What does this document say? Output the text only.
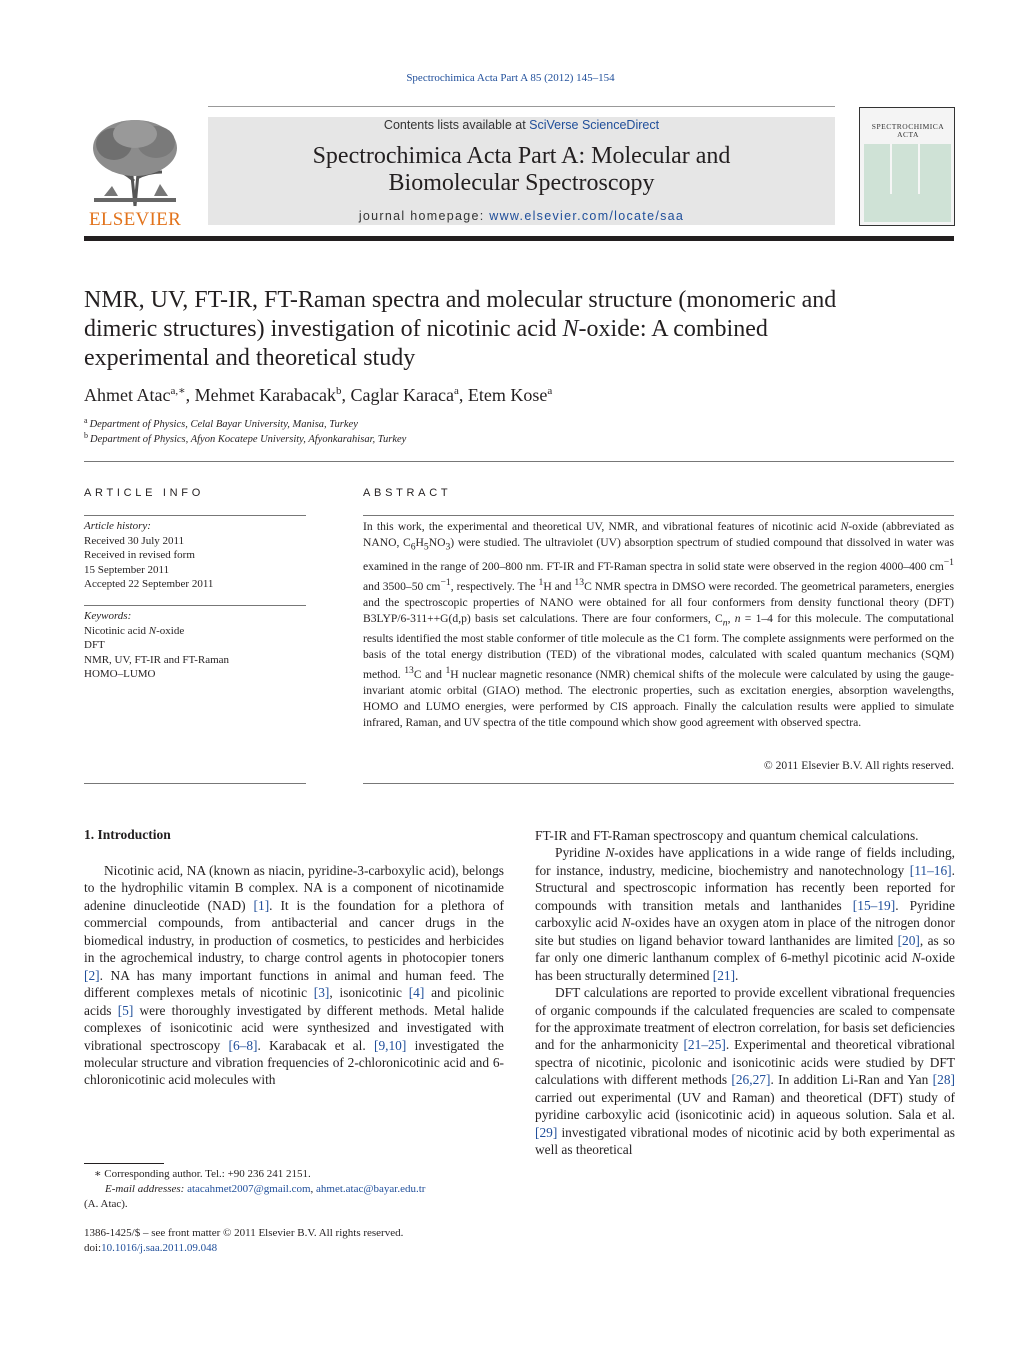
Spectrochimica Acta Part A 85 (2012) 145–154
ELSEVIER
Contents lists available at SciVerse ScienceDirect
Spectrochimica Acta Part A: Molecular and
Biomolecular Spectroscopy
journal homepage: www.elsevier.com/locate/saa
SPECTROCHIMICA
ACTA
NMR, UV, FT-IR, FT-Raman spectra and molecular structure (monomeric and
dimeric structures) investigation of nicotinic acid N-oxide: A combined
experimental and theoretical study
Ahmet Atac$^{a,∗}$, Mehmet Karabacak$^b$, Caglar Karaca$^a$, Etem Kose$^a$
$^a$ Department of Physics, Celal Bayar University, Manisa, Turkey
$^b$ Department of Physics, Afyon Kocatepe University, Afyonkarahisar, Turkey
ARTICLE INFO	ABSTRACT
Article history:
Received 30 July 2011
Received in revised form
15 September 2011
Accepted 22 September 2011
Keywords:
Nicotinic acid N-oxide
DFT
NMR, UV, FT-IR and FT-Raman
HOMO–LUMO

In this work, the experimental and theoretical UV, NMR, and vibrational features of nicotinic acid N-oxide (abbreviated as NANO, $C_6H_5NO_3$) were studied. The ultraviolet (UV) absorption spectrum of studied compound that dissolved in water was examined in the range of 200–800 nm. FT-IR and FT-Raman spectra in solid state were observed in the region 4000–400 $cm^{-1}$ and 3500–50 $cm^{-1}$, respectively. The $^1$H and $^{13}$C NMR spectra in DMSO were recorded. The geometrical parameters, energies and the spectroscopic properties of NANO were obtained for all four conformers from density functional theory (DFT) B3LYP/6-311++G(d,p) basis set calculations. There are four conformers, $C_n$, n = 1–4 for this molecule. The computational results identified the most stable conformer of title molecule as the C1 form. The complete assignments were performed on the basis of the total energy distribution (TED) of the vibrational modes, calculated with scaled quantum mechanics (SQM) method. $^{13}$C and $^1$H nuclear magnetic resonance (NMR) chemical shifts of the molecule were calculated by using the gauge-invariant atomic orbital (GIAO) method. The electronic properties, such as excitation energies, absorption wavelengths, HOMO and LUMO energies, were performed by CIS approach. Finally the calculation results were applied to simulate infrared, Raman, and UV spectra of the title compound which show good agreement with observed spectra.

© 2011 Elsevier B.V. All rights reserved.
1. Introduction

Nicotinic acid, NA (known as niacin, pyridine-3-carboxylic acid), belongs to the hydrophilic vitamin B complex. NA is a component of nicotinamide adenine dinucleotide (NAD) [1]. It is the foundation for a plethora of commercial compounds, from antibacterial and cancer drugs in the biomedical industry, in production of cosmetics, to pesticides and herbicides in the agrochemical industry, to charge control agents in photocopier toners [2]. NA has many important functions in animal and human feed. The different complexes metals of nicotinic [3], isonicotinic [4] and picolinic acids [5] were thoroughly investigated by different methods. Metal halide complexes of isonicotinic acid were synthesized and investigated with vibrational spectroscopy [6–8]. Karabacak et al. [9,10] investigated the molecular structure and vibration frequencies of 2-chloronicotinic acid and 6-chloronicotinic acid molecules with

FT-IR and FT-Raman spectroscopy and quantum chemical calculations.

Pyridine N-oxides have applications in a wide range of fields including, for instance, industry, medicine, biochemistry and nanotechnology [11–16]. Structural and spectroscopic information has recently been reported for compounds with transition metals and lanthanides [15–19]. Pyridine carboxylic acid N-oxides have an oxygen atom in place of the nitrogen donor site but studies on ligand behavior toward lanthanides are limited [20], as so far only one dimeric lanthanum complex of 6-methyl picotinic acid N-oxide has been structurally determined [21].

DFT calculations are reported to provide excellent vibrational frequencies of organic compounds if the calculated frequencies are scaled to compensate for the approximate treatment of electron correlation, for basis set deficiencies and for the anharmonicity [21–25]. Experimental and theoretical vibrational spectra of nicotinic, picolonic and isonicotinic acids were studied by DFT calculations with different methods [26,27]. In addition Li-Ran and Yan [28] carried out experimental (UV and Raman) and theoretical (DFT) study of pyridine carboxylic acid (isonicotinic acid) in aqueous solution. Sala et al. [29] investigated vibrational modes of nicotinic acid by both experimental as well as theoretical

∗ Corresponding author. Tel.: +90 236 241 2151.
E-mail addresses: atacahmet2007@gmail.com, ahmet.atac@bayar.edu.tr
(A. Atac).
1386-1425/$ – see front matter © 2011 Elsevier B.V. All rights reserved.
doi:10.1016/j.saa.2011.09.048
